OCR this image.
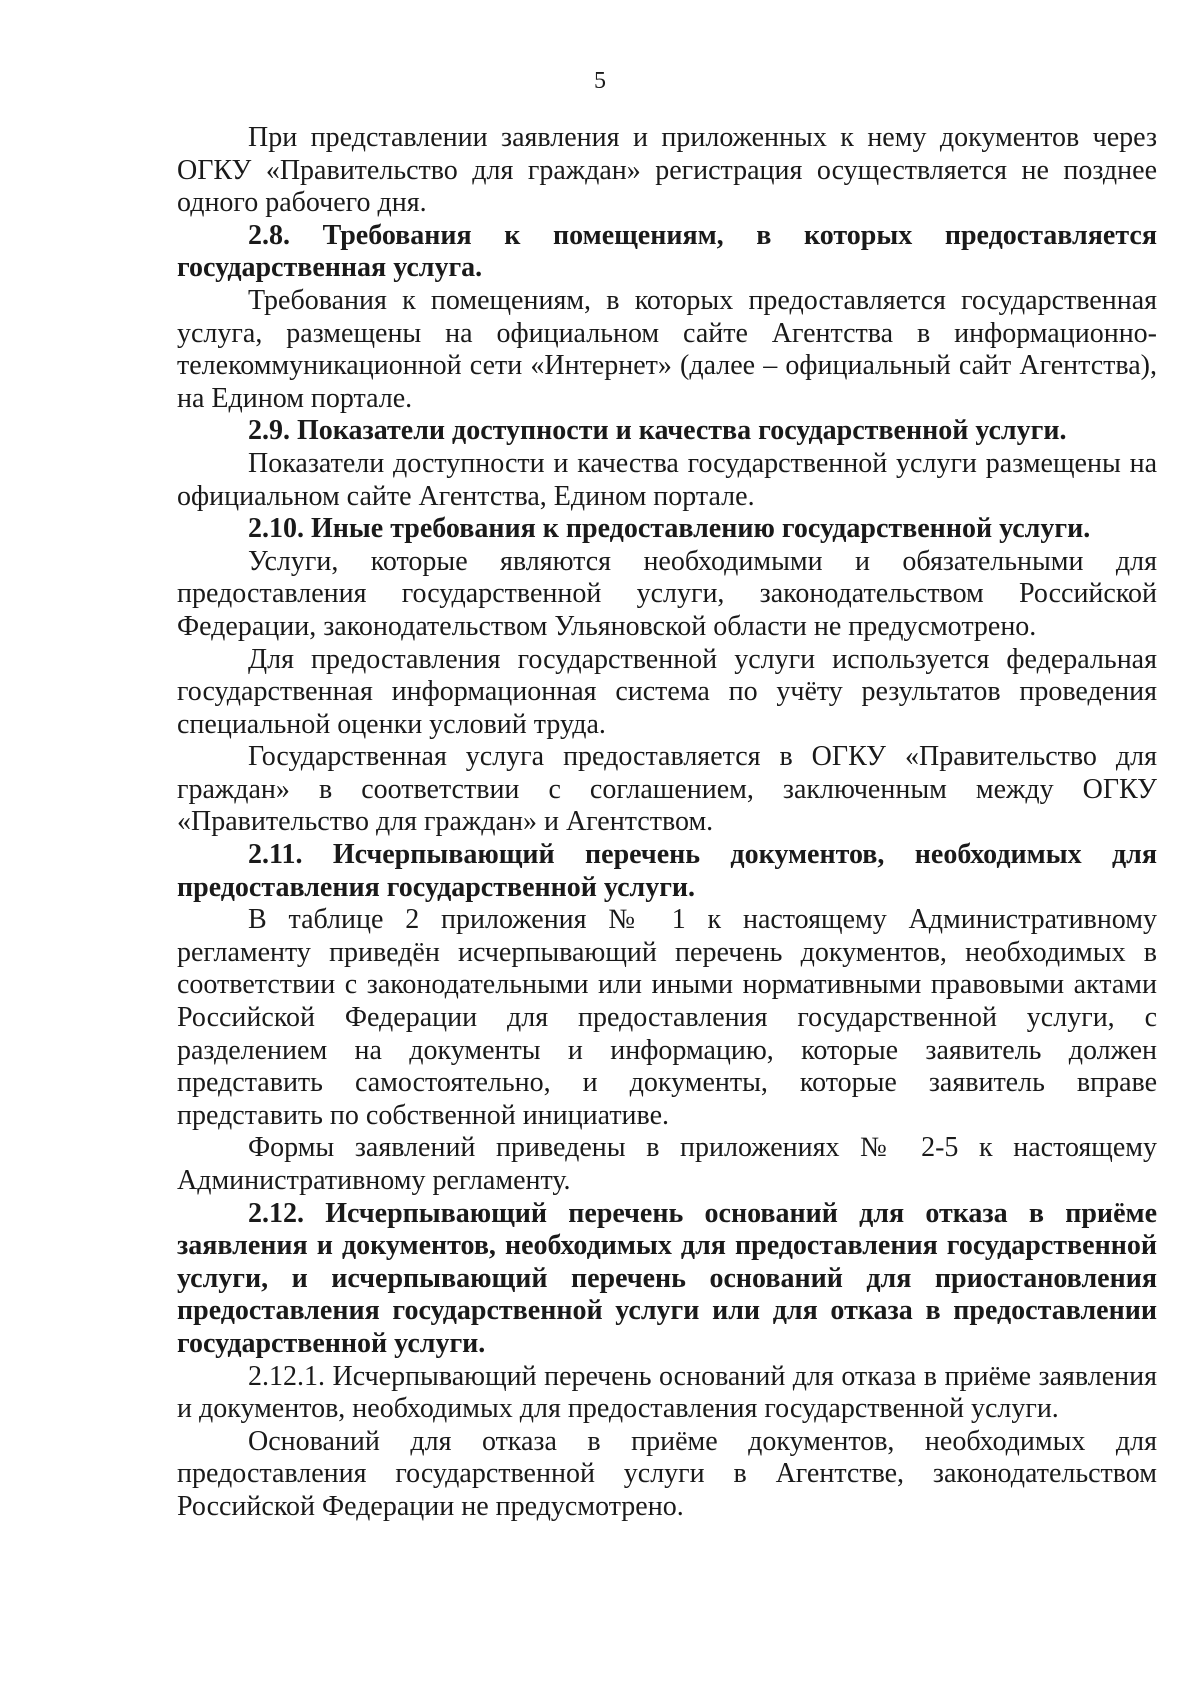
5

При представлении заявления и приложенных к нему документов через ОГКУ «Правительство для граждан» регистрация осуществляется не позднее одного рабочего дня.

2.8. Требования к помещениям, в которых предоставляется государственная услуга.

Требования к помещениям, в которых предоставляется государственная услуга, размещены на официальном сайте Агентства в информационно-телекоммуникационной сети «Интернет» (далее – официальный сайт Агентства), на Едином портале.

2.9. Показатели доступности и качества государственной услуги.

Показатели доступности и качества государственной услуги размещены на официальном сайте Агентства, Едином портале.

2.10. Иные требования к предоставлению государственной услуги.

Услуги, которые являются необходимыми и обязательными для предоставления государственной услуги, законодательством Российской Федерации, законодательством Ульяновской области не предусмотрено.

Для предоставления государственной услуги используется федеральная государственная информационная система по учёту результатов проведения специальной оценки условий труда.

Государственная услуга предоставляется в ОГКУ «Правительство для граждан» в соответствии с соглашением, заключенным между ОГКУ «Правительство для граждан» и Агентством.

2.11. Исчерпывающий перечень документов, необходимых для предоставления государственной услуги.

В таблице 2 приложения № 1 к настоящему Административному регламенту приведён исчерпывающий перечень документов, необходимых в соответствии с законодательными или иными нормативными правовыми актами Российской Федерации для предоставления государственной услуги, с разделением на документы и информацию, которые заявитель должен представить самостоятельно, и документы, которые заявитель вправе представить по собственной инициативе.

Формы заявлений приведены в приложениях № 2-5 к настоящему Административному регламенту.

2.12. Исчерпывающий перечень оснований для отказа в приёме заявления и документов, необходимых для предоставления государственной услуги, и исчерпывающий перечень оснований для приостановления предоставления государственной услуги или для отказа в предоставлении государственной услуги.

2.12.1. Исчерпывающий перечень оснований для отказа в приёме заявления и документов, необходимых для предоставления государственной услуги.

Оснований для отказа в приёме документов, необходимых для предоставления государственной услуги в Агентстве, законодательством Российской Федерации не предусмотрено.
